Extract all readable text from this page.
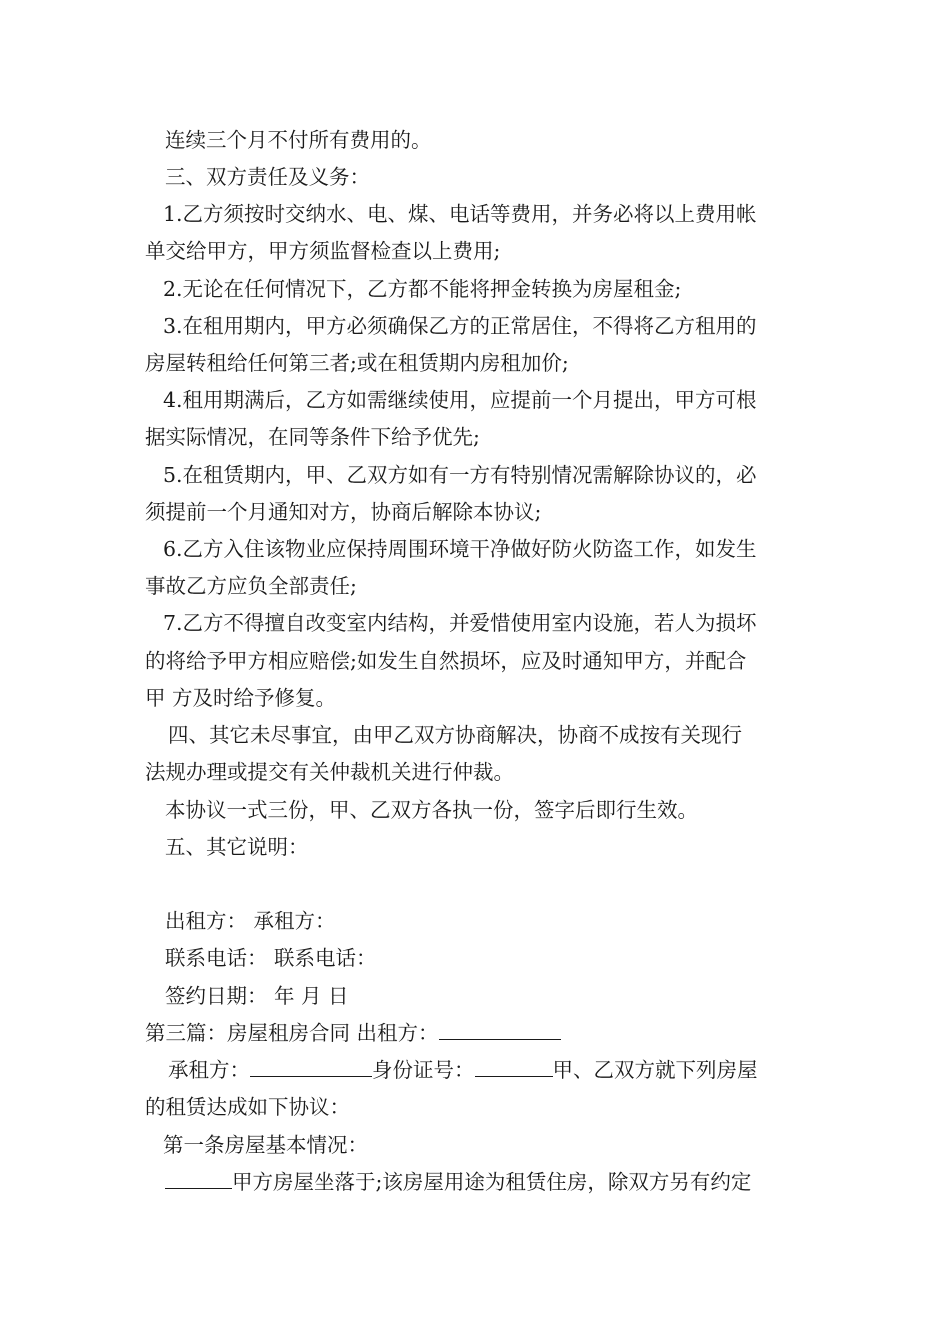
连续三个月不付所有费用的。
三、双方责任及义务：
1.乙方须按时交纳水、电、煤、电话等费用，并务必将以上费用帐
单交给甲方，甲方须监督检查以上费用;
2.无论在任何情况下，乙方都不能将押金转换为房屋租金;
3.在租用期内，甲方必须确保乙方的正常居住，不得将乙方租用的
房屋转租给任何第三者;或在租赁期内房租加价;
4.租用期满后，乙方如需继续使用，应提前一个月提出，甲方可根
据实际情况，在同等条件下给予优先;
5.在租赁期内，甲、乙双方如有一方有特别情况需解除协议的，必
须提前一个月通知对方，协商后解除本协议;
6.乙方入住该物业应保持周围环境干净做好防火防盗工作，如发生
事故乙方应负全部责任;
7.乙方不得擅自改变室内结构，并爱惜使用室内设施，若人为损坏
的将给予甲方相应赔偿;如发生自然损坏，应及时通知甲方，并配合
甲 方及时给予修复。
四、其它未尽事宜，由甲乙双方协商解决，协商不成按有关现行
法规办理或提交有关仲裁机关进行仲裁。
本协议一式三份，甲、乙双方各执一份，签字后即行生效。
五、其它说明：
出租方： 承租方：
联系电话： 联系电话：
签约日期： 年 月 日
第三篇：房屋租房合同 出租方：
承租方：	身份证号：	甲、乙双方就下列房屋
的租赁达成如下协议：
第一条房屋基本情况：
甲方房屋坐落于;该房屋用途为租赁住房，除双方另有约定
